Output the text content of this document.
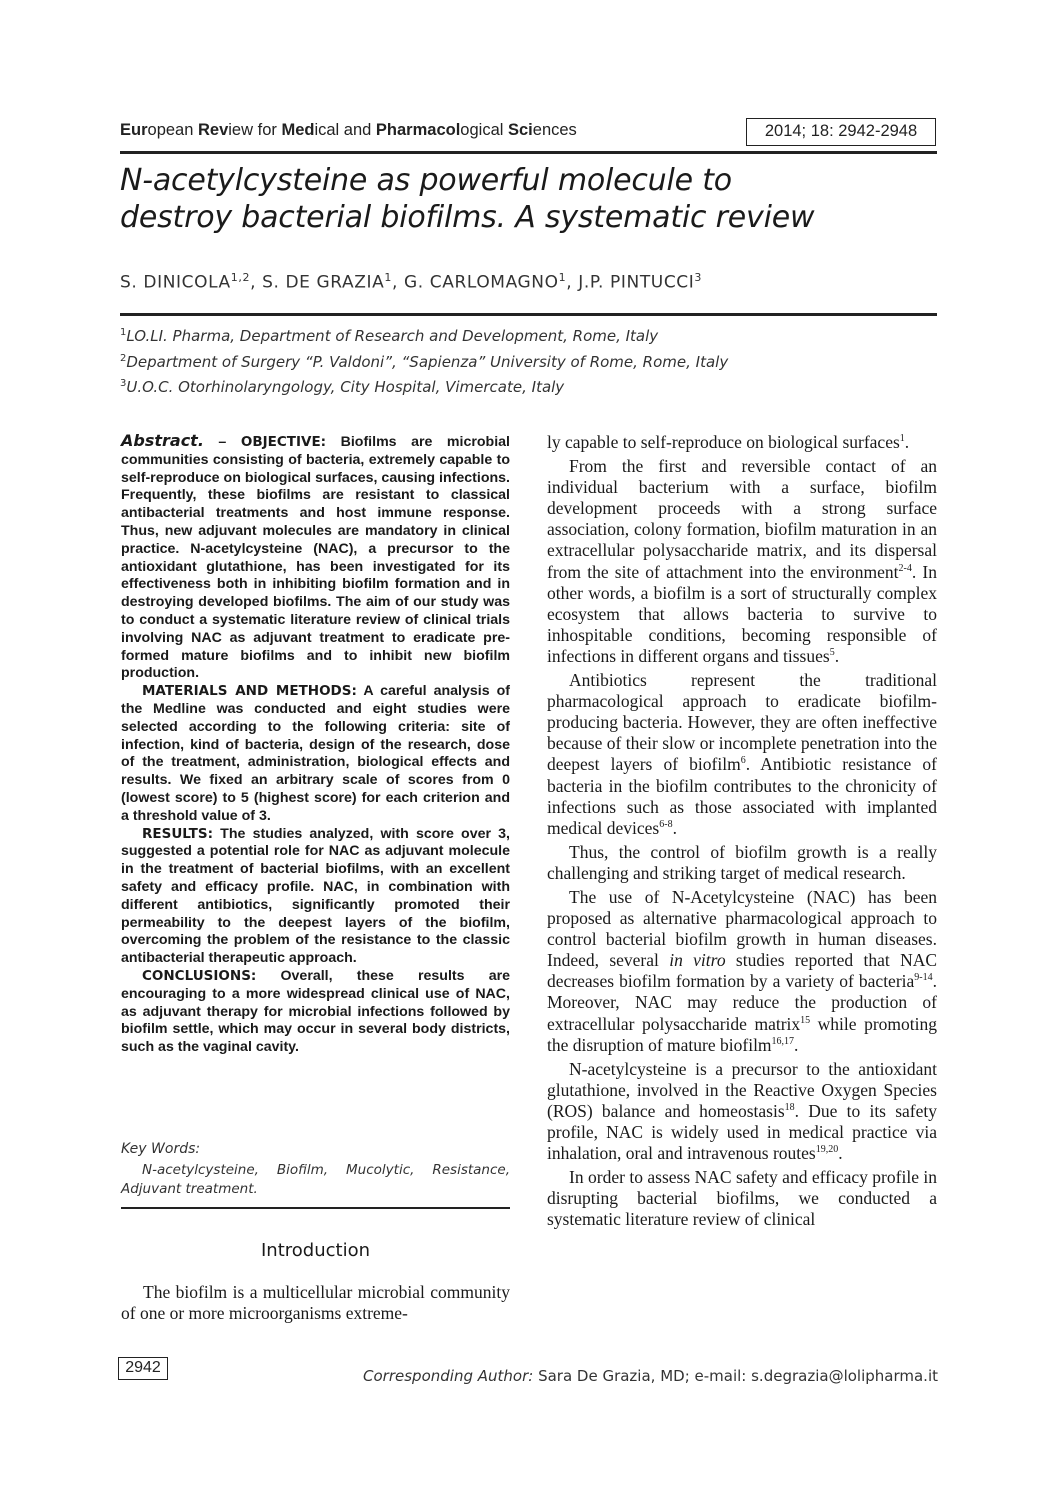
European Review for Medical and Pharmacological Sciences	2014; 18: 2942-2948
N-acetylcysteine as powerful molecule to
destroy bacterial biofilms. A systematic review
S. DINICOLA$^{1,2}$, S. DE GRAZIA$^1$, G. CARLOMAGNO$^1$, J.P. PINTUCCI$^3$
$^1$LO.LI. Pharma, Department of Research and Development, Rome, Italy
$^2$Department of Surgery “P. Valdoni”, “Sapienza” University of Rome, Rome, Italy
$^3$U.O.C. Otorhinolaryngology, City Hospital, Vimercate, Italy

Abstract. – OBJECTIVE: Biofilms are microbial communities consisting of bacteria, extremely capable to self-reproduce on biological surfaces, causing infections. Frequently, these biofilms are resistant to classical antibacterial treatments and host immune response. Thus, new adjuvant molecules are mandatory in clinical practice. N-acetylcysteine (NAC), a precursor to the antioxidant glutathione, has been investigated for its effectiveness both in inhibiting biofilm formation and in destroying developed biofilms. The aim of our study was to conduct a systematic literature review of clinical trials involving NAC as adjuvant treatment to eradicate pre-formed mature biofilms and to inhibit new biofilm production.

MATERIALS AND METHODS: A careful analysis of the Medline was conducted and eight studies were selected according to the following criteria: site of infection, kind of bacteria, design of the research, dose of the treatment, administration, biological effects and results. We fixed an arbitrary scale of scores from 0 (lowest score) to 5 (highest score) for each criterion and a threshold value of 3.

RESULTS: The studies analyzed, with score over 3, suggested a potential role for NAC as adjuvant molecule in the treatment of bacterial biofilms, with an excellent safety and efficacy profile. NAC, in combination with different antibiotics, significantly promoted their permeability to the deepest layers of the biofilm, overcoming the problem of the resistance to the classic antibacterial therapeutic approach.

CONCLUSIONS: Overall, these results are encouraging to a more widespread clinical use of NAC, as adjuvant therapy for microbial infections followed by biofilm settle, which may occur in several body districts, such as the vaginal cavity.

Key Words:
N-acetylcysteine, Biofilm, Mucolytic, Resistance, Adjuvant treatment.
Introduction
The biofilm is a multicellular microbial community of one or more microorganisms extreme-

ly capable to self-reproduce on biological surfaces$^1$.

From the first and reversible contact of an individual bacterium with a surface, biofilm development proceeds with a strong surface association, colony formation, biofilm maturation in an extracellular polysaccharide matrix, and its dispersal from the site of attachment into the environment$^{2-4}$. In other words, a biofilm is a sort of structurally complex ecosystem that allows bacteria to survive to inhospitable conditions, becoming responsible of infections in different organs and tissues$^5$.

Antibiotics represent the traditional pharmacological approach to eradicate biofilm-producing bacteria. However, they are often ineffective because of their slow or incomplete penetration into the deepest layers of biofilm$^6$. Antibiotic resistance of bacteria in the biofilm contributes to the chronicity of infections such as those associated with implanted medical devices$^{6-8}$.

Thus, the control of biofilm growth is a really challenging and striking target of medical research.

The use of N-Acetylcysteine (NAC) has been proposed as alternative pharmacological approach to control bacterial biofilm growth in human diseases. Indeed, several in vitro studies reported that NAC decreases biofilm formation by a variety of bacteria$^{9-14}$. Moreover, NAC may reduce the production of extracellular polysaccharide matrix$^{15}$ while promoting the disruption of mature biofilm$^{16,17}$.

N-acetylcysteine is a precursor to the antioxidant glutathione, involved in the Reactive Oxygen Species (ROS) balance and homeostasis$^{18}$. Due to its safety profile, NAC is widely used in medical practice via inhalation, oral and intravenous routes$^{19,20}$.

In order to assess NAC safety and efficacy profile in disrupting bacterial biofilms, we conducted a systematic literature review of clinical

2942	Corresponding Author: Sara De Grazia, MD; e-mail: s.degrazia@lolipharma.it
